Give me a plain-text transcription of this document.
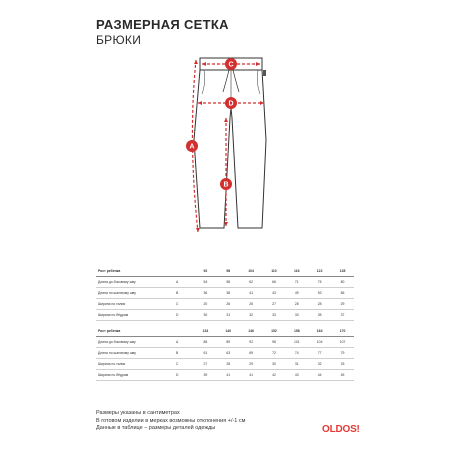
РАЗМЕРНАЯ СЕТКА
БРЮКИ
C
D
A
B
Рост ребенка		92	98	104	110	116	122	128
Длина до боковому шву	A	54	58	62	66	71	75	80
Длина по шаговому шву	B	36	38	41	43	49	53	56
Ширина по талии	C	20	26	26	27	28	28	29
Ширина по бёдрам	D	30	31	32	33	33	35	37
Рост ребенка		134	140	146	152	158	164	170
Длина до боковому шву	A	85	89	92	98	101	104	107
Длина по шаговому шву	B	61	63	69	72	74	77	79
Ширина по талии	C	27	28	29	30	31	32	33
Ширина по бёдрам	D	39	41	41	42	43	44	45
Размеры указаны в сантиметрах
В готовом изделии в мерках возможны отклонения +/-1 см
Данные в таблице – размеры деталей одежды	OLDOS!
